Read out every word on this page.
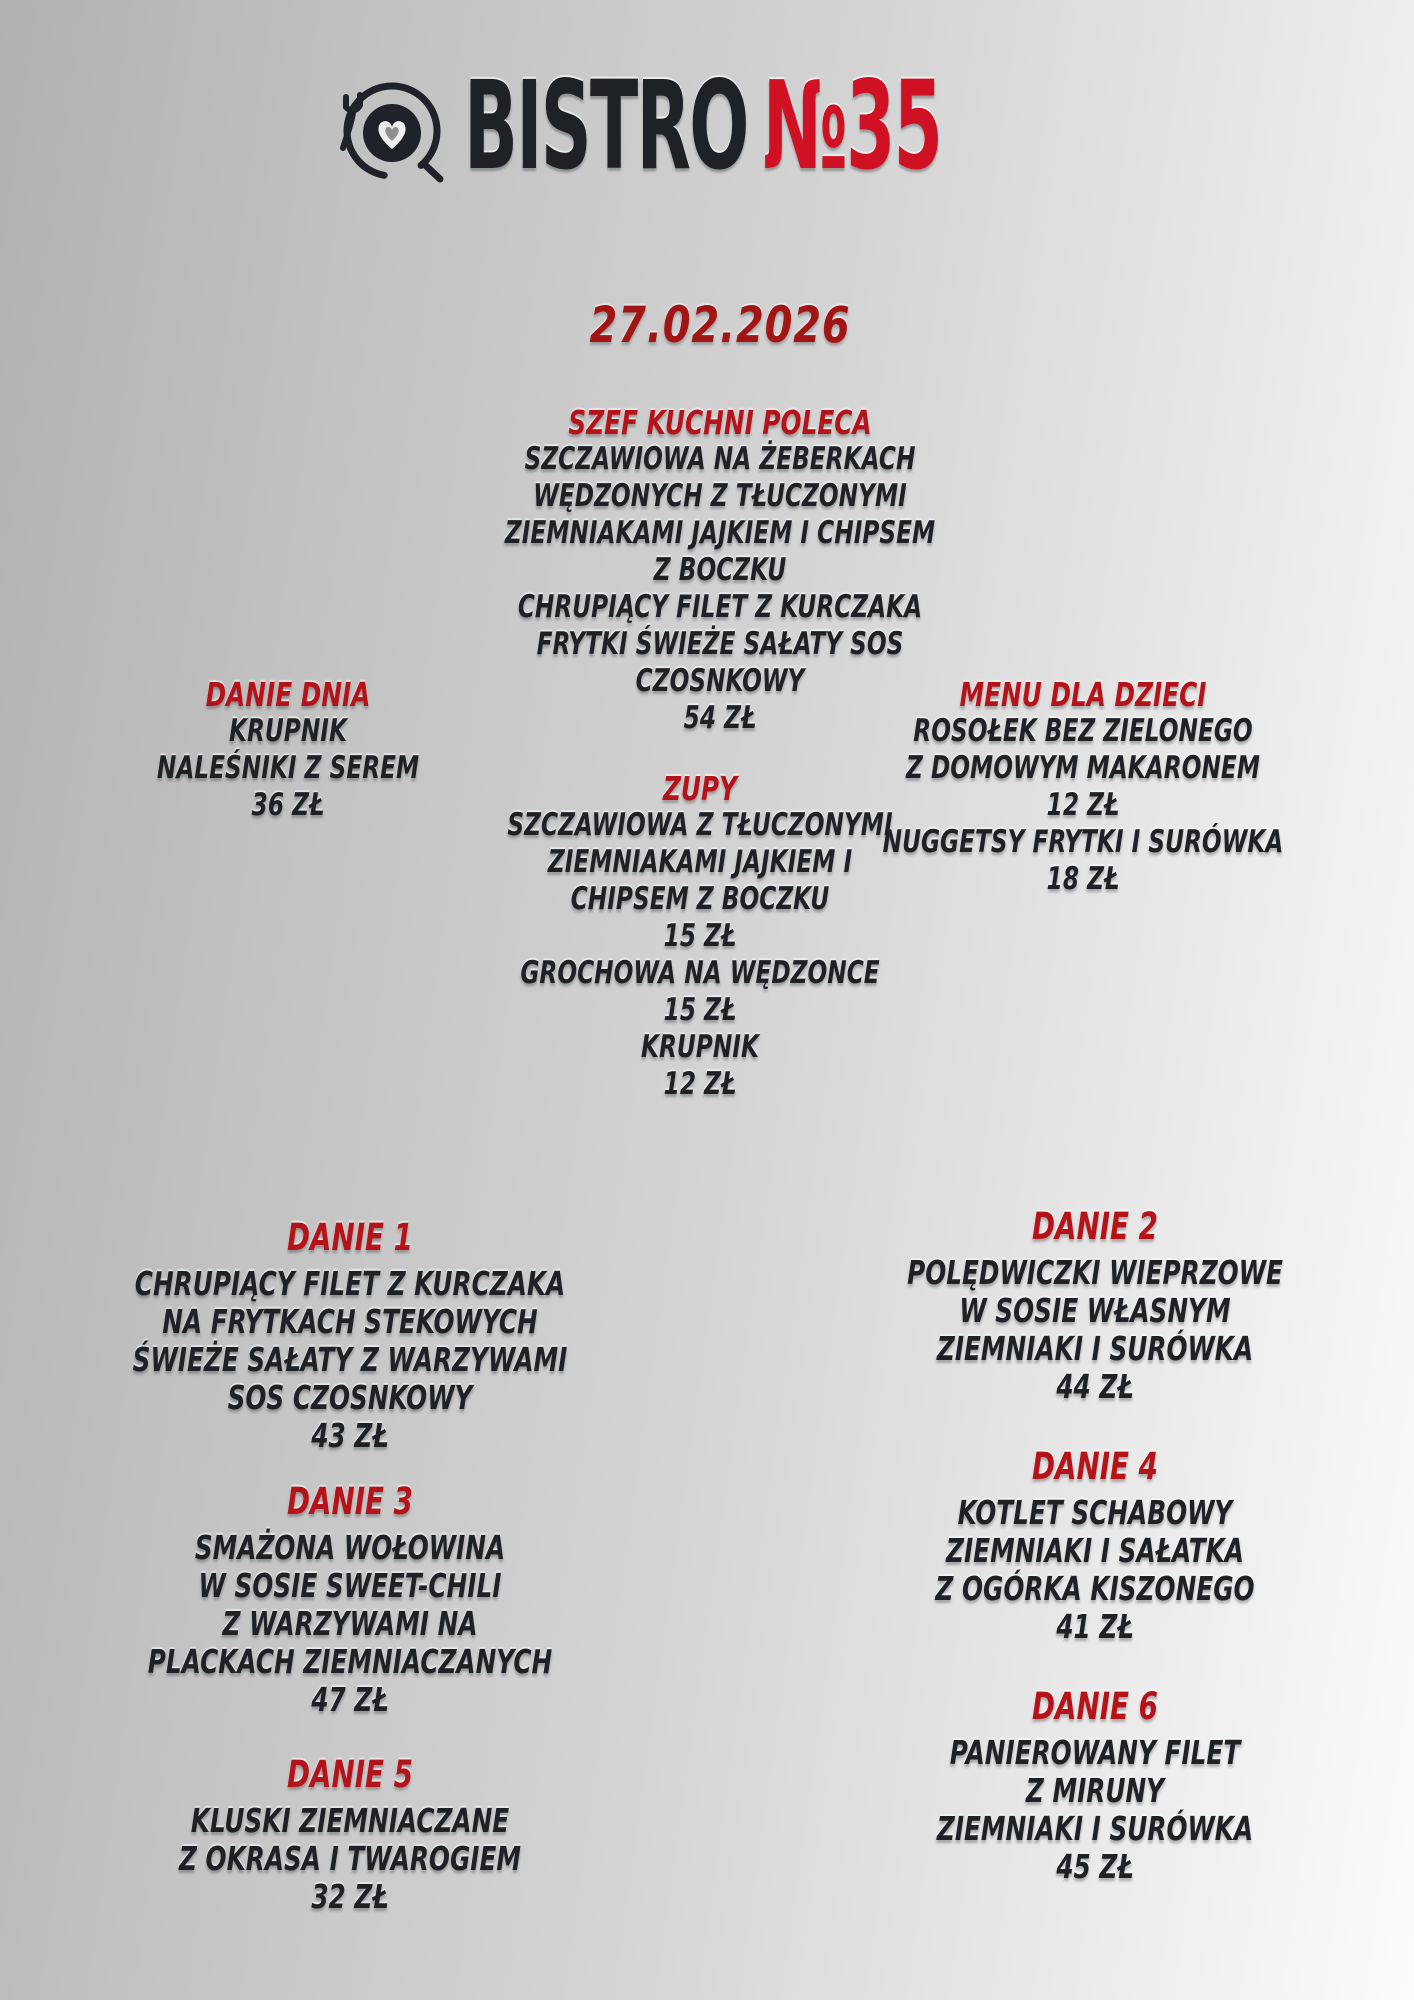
BISTRO №35
27.02.2026
SZEF KUCHNI POLECA
SZCZAWIOWA NA ŻEBERKACH
WĘDZONYCH Z TŁUCZONYMI
ZIEMNIAKAMI JAJKIEM I CHIPSEM
Z BOCZKU
CHRUPIĄCY FILET Z KURCZAKA
FRYTKI ŚWIEŻE SAŁATY SOS CZOSNKOWY
54 ZŁ
DANIE DNIA
KRUPNIK
NALEŚNIKI Z SEREM
36 ZŁ
MENU DLA DZIECI
ROSOŁEK BEZ ZIELONEGO
Z DOMOWYM MAKARONEM
12 ZŁ
NUGGETSY FRYTKI I SURÓWKA
18 ZŁ
ZUPY
SZCZAWIOWA Z TŁUCZONYMI
ZIEMNIAKAMI JAJKIEM I
CHIPSEM Z BOCZKU
15 ZŁ
GROCHOWA NA WĘDZONCE
15 ZŁ
KRUPNIK
12 ZŁ
DANIE 1
CHRUPIĄCY FILET Z KURCZAKA
NA FRYTKACH STEKOWYCH
ŚWIEŻE SAŁATY Z WARZYWAMI
SOS CZOSNKOWY
43 ZŁ
DANIE 2
POLĘDWICZKI WIEPRZOWE
W SOSIE WŁASNYM
ZIEMNIAKI I SURÓWKA
44 ZŁ
DANIE 3
SMAŻONA WOŁOWINA
W SOSIE SWEET-CHILI
Z WARZYWAMI NA
PLACKACH ZIEMNIACZANYCH
47 ZŁ
DANIE 4
KOTLET SCHABOWY
ZIEMNIAKI I SAŁATKA
Z OGÓRKA KISZONEGO
41 ZŁ
DANIE 5
KLUSKI ZIEMNIACZANE
Z OKRASA I TWAROGIEM
32 ZŁ
DANIE 6
PANIEROWANY FILET
Z MIRUNY
ZIEMNIAKI I SURÓWKA
45 ZŁ
